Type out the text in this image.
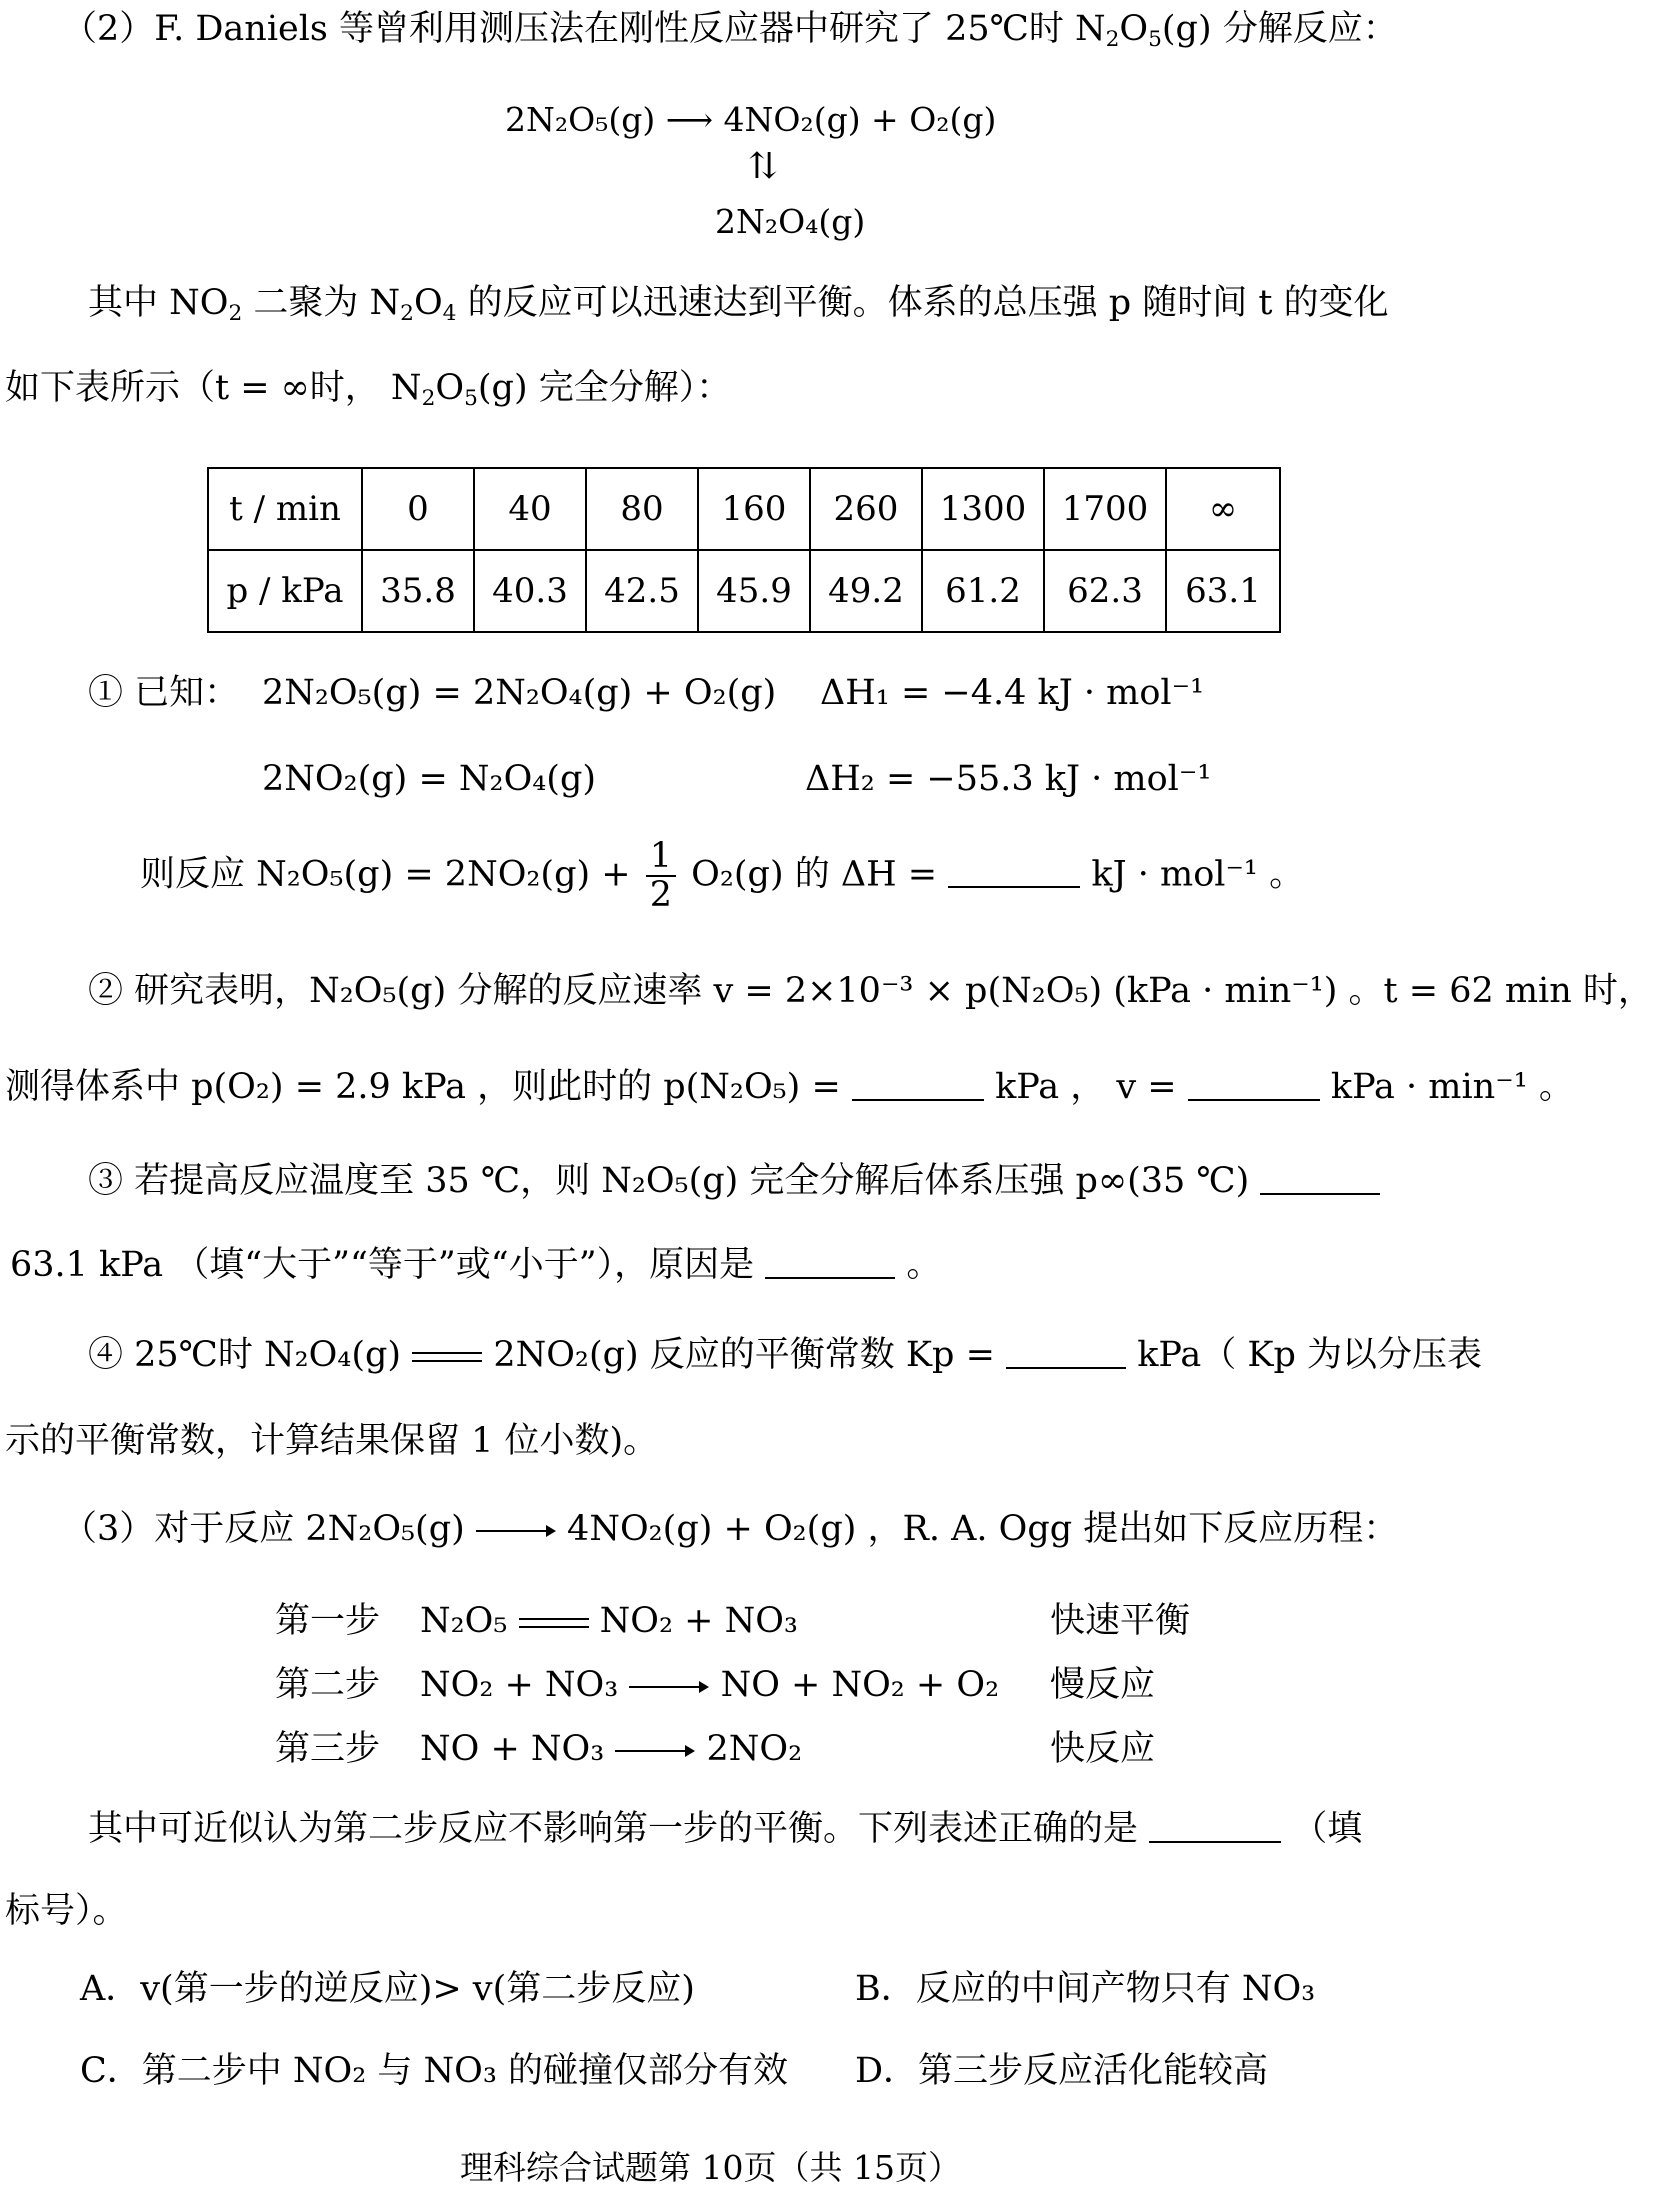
（2）F. Daniels 等曾利用测压法在刚性反应器中研究了 25℃时 $N_2O_5(g)$ 分解反应：
2N₂O₅(g) ⟶ 4NO₂(g) + O₂(g)
⇅
2N₂O₄(g)
其中 $NO_2$ 二聚为 $N_2O_4$ 的反应可以迅速达到平衡。体系的总压强 p 随时间 t 的变化
如下表所示（t = ∞时， $N_2O_5(g)$ 完全分解）：
t / min	0	40	80	160	260	1300	1700	∞
p / kPa	35.8	40.3	42.5	45.9	49.2	61.2	62.3	63.1
① 已知： 2N₂O₅(g) = 2N₂O₄(g) + O₂(g) ΔH₁ = −4.4 kJ · mol⁻¹
2NO₂(g) = N₂O₄(g)	ΔH₂ = −55.3 kJ · mol⁻¹
则反应 $N_2O_5(g) = 2NO_2(g) + \frac{1}{2} O_2(g)$ 的 ΔH =	kJ · mol⁻¹ 。
② 研究表明，N₂O₅(g) 分解的反应速率 v = 2×10⁻³ × p(N₂O₅) (kPa · min⁻¹) 。t = 62 min 时，
测得体系中 p(O₂) = 2.9 kPa ，则此时的 p(N₂O₅) =	kPa ， v =	kPa · min⁻¹ 。
③ 若提高反应温度至 35 ℃，则 N₂O₅(g) 完全分解后体系压强 p∞(35 ℃)
63.1 kPa （填“大于”“等于”或“小于”），原因是	。
④ 25℃时 N₂O₄(g)	2NO₂(g) 反应的平衡常数 Kp =	kPa（ Kp 为以分压表
示的平衡常数，计算结果保留 1 位小数)。
（3）对于反应 2N₂O₅(g)	4NO₂(g) + O₂(g) ，R. A. Ogg 提出如下反应历程：
第一步 N₂O₅	NO₂ + NO₃	快速平衡
第二步 NO₂ + NO₃	NO + NO₂ + O₂ 慢反应
第三步 NO + NO₃	2NO₂	快反应
其中可近似认为第二步反应不影响第一步的平衡。下列表述正确的是	（填
标号）。
A．v(第一步的逆反应)> v(第二步反应)	B．反应的中间产物只有 NO₃
C．第二步中 NO₂ 与 NO₃ 的碰撞仅部分有效 D．第三步反应活化能较高
理科综合试题第 10页（共 15页）
